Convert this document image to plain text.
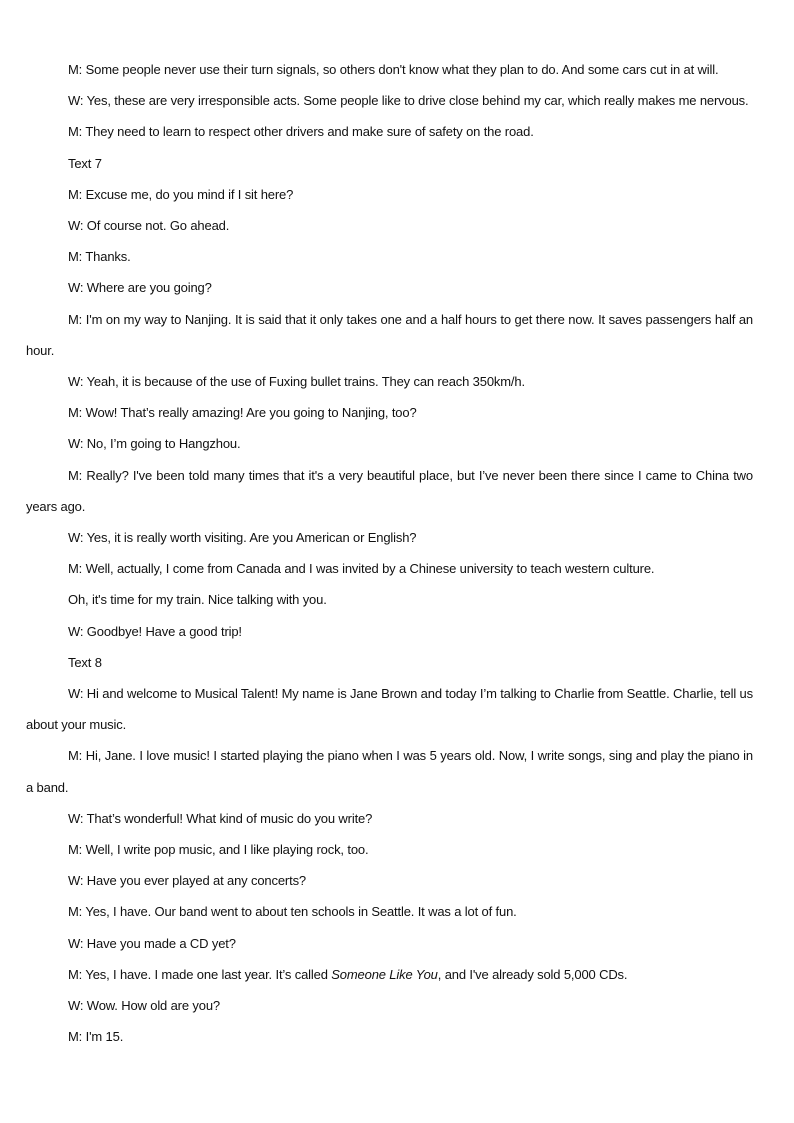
M: Some people never use their turn signals, so others don't know what they plan to do. And some cars cut in at will.

W: Yes, these are very irresponsible acts. Some people like to drive close behind my car, which really makes me nervous.

M: They need to learn to respect other drivers and make sure of safety on the road.

Text 7

M: Excuse me, do you mind if I sit here?

W: Of course not. Go ahead.

M: Thanks.

W: Where are you going?

M: I'm on my way to Nanjing. It is said that it only takes one and a half hours to get there now. It saves passengers half an hour.

W: Yeah, it is because of the use of Fuxing bullet trains. They can reach 350km/h.

M: Wow! That’s really amazing! Are you going to Nanjing, too?

W: No, I’m going to Hangzhou.

M: Really? I've been told many times that it's a very beautiful place, but I’ve never been there since I came to China two years ago.

W: Yes, it is really worth visiting. Are you American or English?

M: Well, actually, I come from Canada and I was invited by a Chinese university to teach western culture.

Oh, it's time for my train. Nice talking with you.

W: Goodbye! Have a good trip!

Text 8

W: Hi and welcome to Musical Talent! My name is Jane Brown and today I’m talking to Charlie from Seattle. Charlie, tell us about your music.

M: Hi, Jane. I love music! I started playing the piano when I was 5 years old. Now, I write songs, sing and play the piano in a band.

W: That’s wonderful! What kind of music do you write?

M: Well, I write pop music, and I like playing rock, too.

W: Have you ever played at any concerts?

M: Yes, I have. Our band went to about ten schools in Seattle. It was a lot of fun.

W: Have you made a CD yet?

M: Yes, I have. I made one last year. It’s called Someone Like You, and I've already sold 5,000 CDs.

W: Wow. How old are you?

M: I'm 15.
